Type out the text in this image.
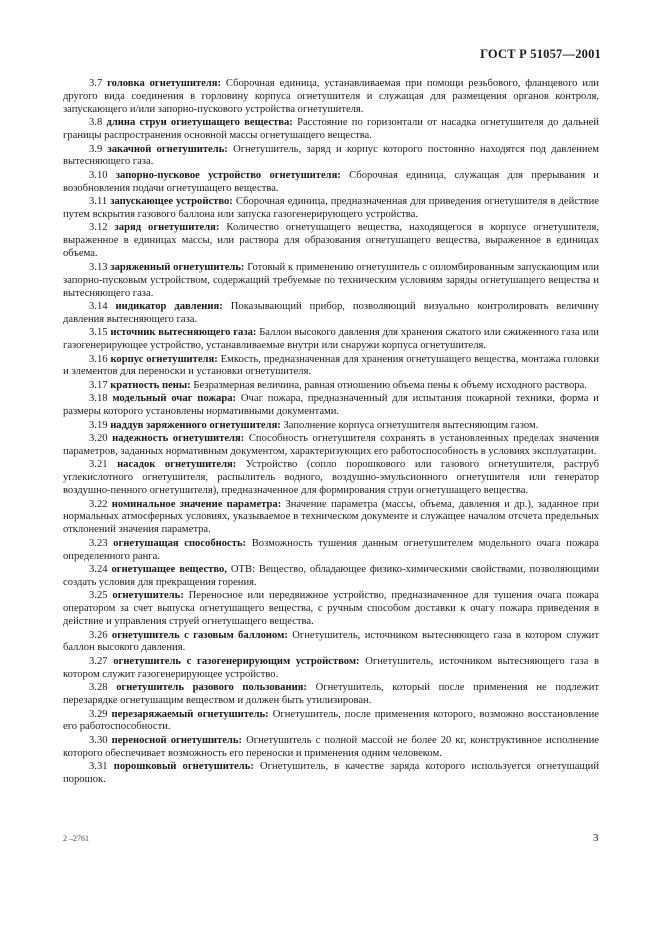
ГОСТ Р 51057—2001

3.7 головка огнетушителя: Сборочная единица, устанавливаемая при помощи резьбового, фланцевого или другого вида соединения в горловину корпуса огнетушителя и служащая для размещения органов контроля, запускающего и/или запорно-пускового устройства огнетушителя.

3.8 длина струи огнетушащего вещества: Расстояние по горизонтали от насадка огнетушителя до дальней границы распространения основной массы огнетушащего вещества.

3.9 закачной огнетушитель: Огнетушитель, заряд и корпус которого постоянно находятся под давлением вытесняющего газа.

3.10 запорно-пусковое устройство огнетушителя: Сборочная единица, служащая для прерывания и возобновления подачи огнетушащего вещества.

3.11 запускающее устройство: Сборочная единица, предназначенная для приведения огнетушителя в действие путем вскрытия газового баллона или запуска газогенерирующего устройства.

3.12 заряд огнетушителя: Количество огнетушащего вещества, находящегося в корпусе огнетушителя, выраженное в единицах массы, или раствора для образования огнетушащего вещества, выраженное в единицах объема.

3.13 заряженный огнетушитель: Готовый к применению огнетушитель с опломбированным запускающим или запорно-пусковым устройством, содержащий требуемые по техническим условиям заряды огнетушащего вещества и вытесняющего газа.

3.14 индикатор давления: Показывающий прибор, позволяющий визуально контролировать величину давления вытесняющего газа.

3.15 источник вытесняющего газа: Баллон высокого давления для хранения сжатого или сжиженного газа или газогенерирующее устройство, устанавливаемые внутри или снаружи корпуса огнетушителя.

3.16 корпус огнетушителя: Емкость, предназначенная для хранения огнетушащего вещества, монтажа головки и элементов для переноски и установки огнетушителя.

3.17 кратность пены: Безразмерная величина, равная отношению объема пены к объему исходного раствора.

3.18 модельный очаг пожара: Очаг пожара, предназначенный для испытания пожарной техники, форма и размеры которого установлены нормативными документами.

3.19 наддув заряженного огнетушителя: Заполнение корпуса огнетушителя вытесняющим газом.

3.20 надежность огнетушителя: Способность огнетушителя сохранять в установленных пределах значения параметров, заданных нормативным документом, характеризующих его работоспособность в условиях эксплуатации.

3.21 насадок огнетушителя: Устройство (сопло порошкового или газового огнетушителя, раструб углекислотного огнетушителя, распылитель водного, воздушно-эмульсионного огнетушителя или генератор воздушно-пенного огнетушителя), предназначенное для формирования струи огнетушащего вещества.

3.22 номинальное значение параметра: Значение параметра (массы, объема, давления и др.), заданное при нормальных атмосферных условиях, указываемое в техническом документе и служащее началом отсчета предельных отклонений значения параметра.

3.23 огнетушащая способность: Возможность тушения данным огнетушителем модельного очага пожара определенного ранга.

3.24 огнетушащее вещество, ОТВ: Вещество, обладающее физико-химическими свойствами, позволяющими создать условия для прекращения горения.

3.25 огнетушитель: Переносное или передвижное устройство, предназначенное для тушения очага пожара оператором за счет выпуска огнетушащего вещества, с ручным способом доставки к очагу пожара приведения в действие и управления струей огнетушащего вещества.

3.26 огнетушитель с газовым баллоном: Огнетушитель, источником вытесняющего газа в котором служит баллон высокого давления.

3.27 огнетушитель с газогенерирующим устройством: Огнетушитель, источником вытесняющего газа в котором служит газогенерирующее устройство.

3.28 огнетушитель разового пользования: Огнетушитель, который после применения не подлежит перезарядке огнетушащим веществом и должен быть утилизирован.

3.29 перезаряжаемый огнетушитель: Огнетушитель, после применения которого, возможно восстановление его работоспособности.

3.30 переносной огнетушитель: Огнетушитель с полной массой не более 20 кг, конструктивное исполнение которого обеспечивает возможность его переноски и применения одним человеком.

3.31 порошковый огнетушитель: Огнетушитель, в качестве заряда которого используется огнетушащий порошок.

2 –2761	3
